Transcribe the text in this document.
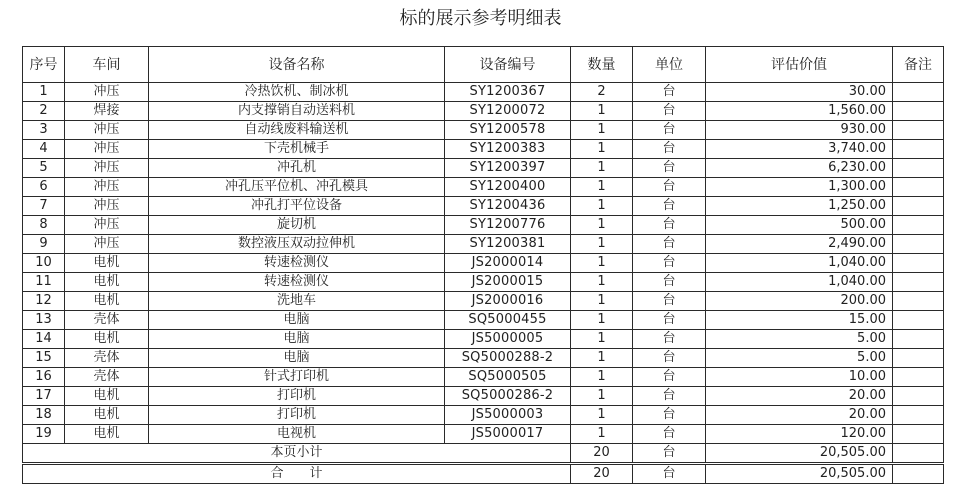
标的展示参考明细表
序号	车间	设备名称	设备编号	数量	单位	评估价值	备注
1	冲压	冷热饮机、制冰机	SY1200367	2	台	30.00	
2	焊接	内支撑销自动送料机	SY1200072	1	台	1,560.00	
3	冲压	自动线废料输送机	SY1200578	1	台	930.00	
4	冲压	下壳机械手	SY1200383	1	台	3,740.00	
5	冲压	冲孔机	SY1200397	1	台	6,230.00	
6	冲压	冲孔压平位机、冲孔模具	SY1200400	1	台	1,300.00	
7	冲压	冲孔打平位设备	SY1200436	1	台	1,250.00	
8	冲压	旋切机	SY1200776	1	台	500.00	
9	冲压	数控液压双动拉伸机	SY1200381	1	台	2,490.00	
10	电机	转速检测仪	JS2000014	1	台	1,040.00	
11	电机	转速检测仪	JS2000015	1	台	1,040.00	
12	电机	洗地车	JS2000016	1	台	200.00	
13	壳体	电脑	SQ5000455	1	台	15.00	
14	电机	电脑	JS5000005	1	台	5.00	
15	壳体	电脑	SQ5000288-2	1	台	5.00	
16	壳体	针式打印机	SQ5000505	1	台	10.00	
17	电机	打印机	SQ5000286-2	1	台	20.00	
18	电机	打印机	JS5000003	1	台	20.00	
19	电机	电视机	JS5000017	1	台	120.00	
本页小计				20	台	20,505.00	
合　　计				20	台	20,505.00	
